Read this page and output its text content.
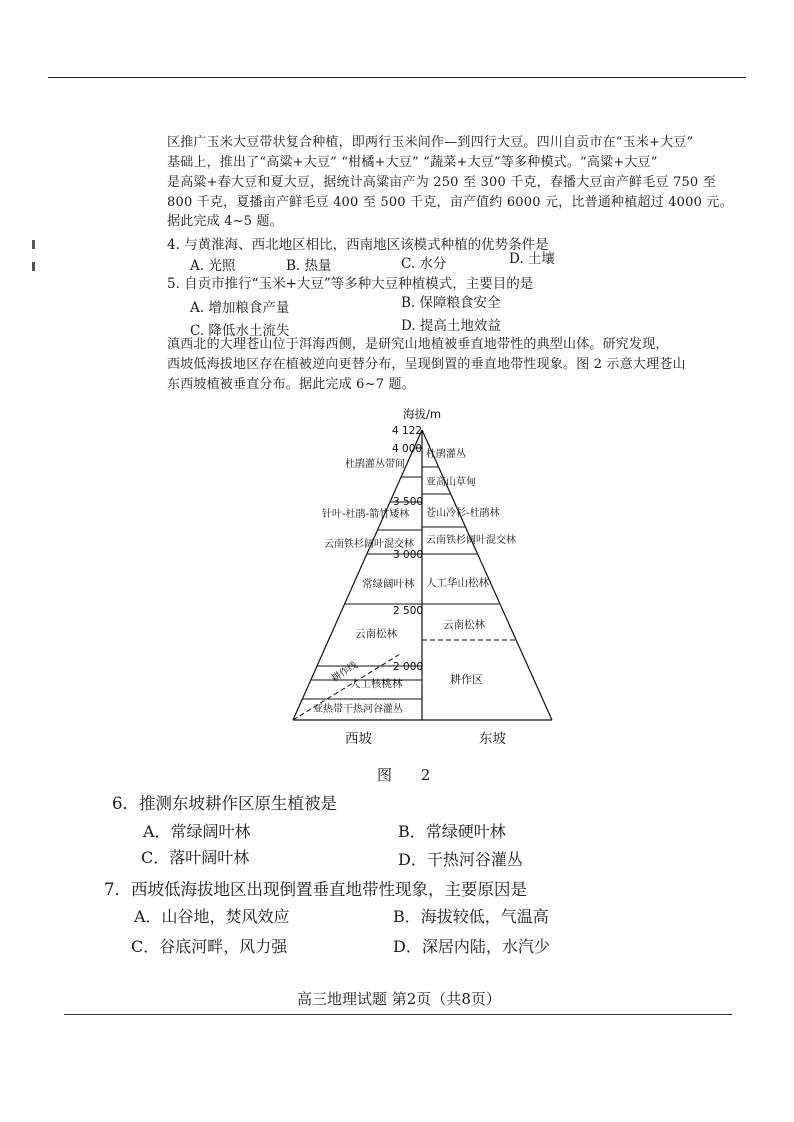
区推广玉米大豆带状复合种植，即两行玉米间作—到四行大豆。四川自贡市在“玉米+大豆”
基础上，推出了“高粱+大豆” “柑橘+大豆” “蔬菜+大豆”等多种模式。“高粱+大豆”
是高粱+春大豆和夏大豆，据统计高粱亩产为 250 至 300 千克，春播大豆亩产鲜毛豆 750 至
800 千克，夏播亩产鲜毛豆 400 至 500 千克，亩产值约 6000 元，比普通种植超过 4000 元。
据此完成 4~5 题。
4. 与黄淮海、西北地区相比，西南地区该模式种植的优势条件是
A. 光照	B. 热量	C. 水分	D. 土壤
5. 自贡市推行“玉米+大豆”等多种大豆种植模式，主要目的是
A. 增加粮食产量	B. 保障粮食安全
C. 降低水土流失	D. 提高土地效益
滇西北的大理苍山位于洱海西侧，是研究山地植被垂直地带性的典型山体。研究发现，
西坡低海拔地区存在植被逆向更替分布，呈现倒置的垂直地带性现象。图 2 示意大理苍山
东西坡植被垂直分布。据此完成 6~7 题。
海拔/m
4 122
4 000
3 500
3 000
2 500
2 000
杜鹃灌丛带间
针叶-杜鹃-箭竹矮林
云南铁杉阔叶混交林
常绿阔叶林
云南松林
人工核桃林
亚热带干热河谷灌丛
耕作线
杜鹃灌丛
亚高山草甸
苍山冷杉-杜鹃林
云南铁杉阔叶混交林
人工华山松林
云南松林
耕作区
西坡	东坡
图 2
6．推测东坡耕作区原生植被是
A．常绿阔叶林	B．常绿硬叶林
C．落叶阔叶林	D．干热河谷灌丛
7．西坡低海拔地区出现倒置垂直地带性现象，主要原因是
A．山谷地，焚风效应	B．海拔较低，气温高
C．谷底河畔，风力强	D．深居内陆，水汽少
高三地理试题 第2页（共8页）
